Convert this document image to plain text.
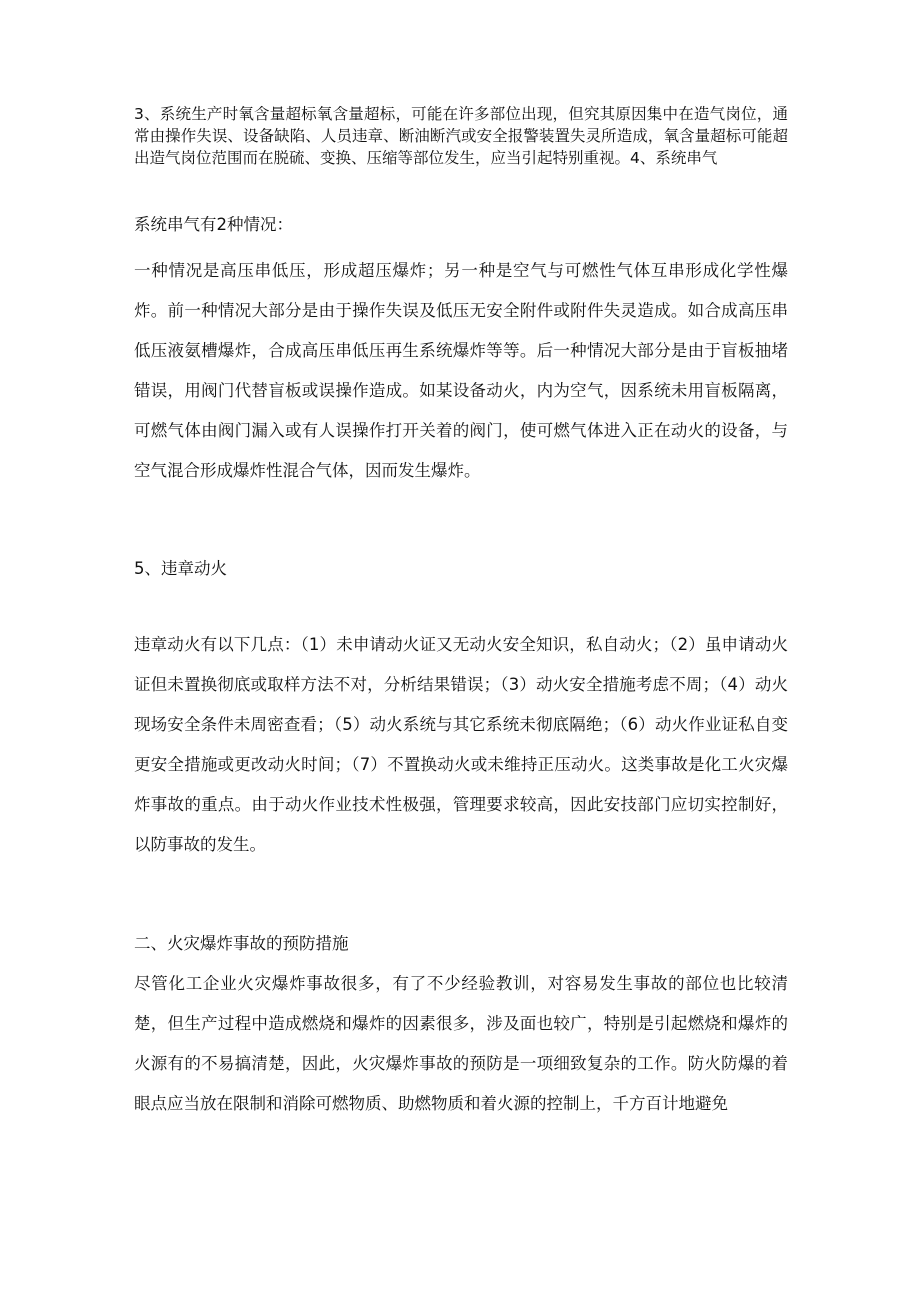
3、系统生产时氧含量超标氧含量超标，可能在许多部位出现，但究其原因集中在造气岗位，通常由操作失误、设备缺陷、人员违章、断油断汽或安全报警装置失灵所造成，氧含量超标可能超出造气岗位范围而在脱硫、变换、压缩等部位发生，应当引起特别重视。4、系统串气

系统串气有2种情况：

一种情况是高压串低压，形成超压爆炸；另一种是空气与可燃性气体互串形成化学性爆炸。前一种情况大部分是由于操作失误及低压无安全附件或附件失灵造成。如合成高压串低压液氨槽爆炸，合成高压串低压再生系统爆炸等等。后一种情况大部分是由于盲板抽堵错误，用阀门代替盲板或误操作造成。如某设备动火，内为空气，因系统未用盲板隔离，可燃气体由阀门漏入或有人误操作打开关着的阀门，使可燃气体进入正在动火的设备，与空气混合形成爆炸性混合气体，因而发生爆炸。

5、违章动火

违章动火有以下几点：（1）未申请动火证又无动火安全知识，私自动火；（2）虽申请动火证但未置换彻底或取样方法不对，分析结果错误；（3）动火安全措施考虑不周；（4）动火现场安全条件未周密查看；（5）动火系统与其它系统未彻底隔绝；（6）动火作业证私自变更安全措施或更改动火时间；（7）不置换动火或未维持正压动火。这类事故是化工火灾爆炸事故的重点。由于动火作业技术性极强，管理要求较高，因此安技部门应切实控制好，以防事故的发生。

二、火灾爆炸事故的预防措施

尽管化工企业火灾爆炸事故很多，有了不少经验教训，对容易发生事故的部位也比较清楚，但生产过程中造成燃烧和爆炸的因素很多，涉及面也较广，特别是引起燃烧和爆炸的火源有的不易搞清楚，因此，火灾爆炸事故的预防是一项细致复杂的工作。防火防爆的着眼点应当放在限制和消除可燃物质、助燃物质和着火源的控制上，千方百计地避免
